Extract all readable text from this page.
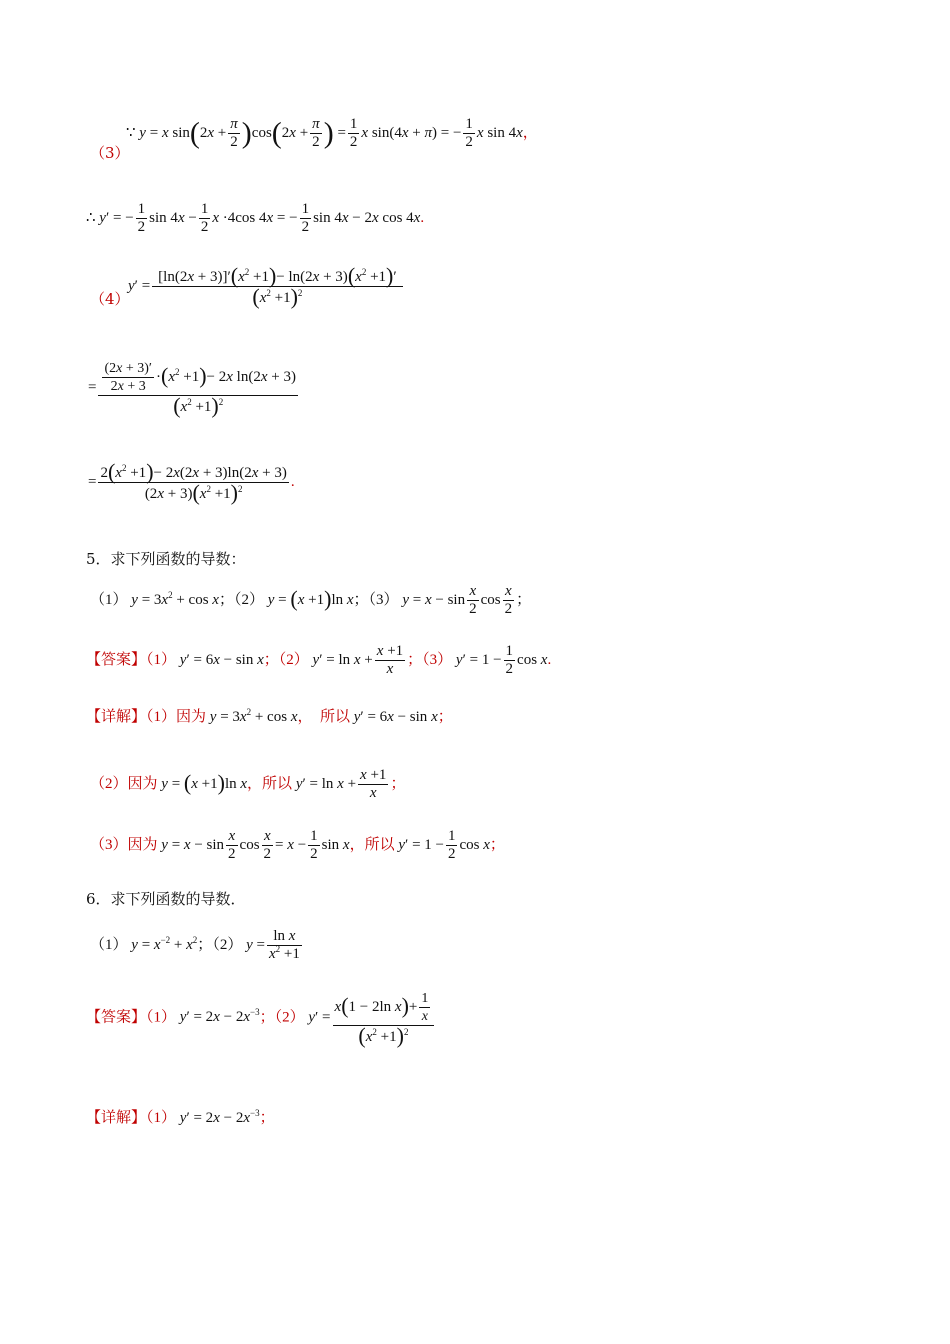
（3）
∵ y = x $\sin(2x + \frac{\pi}{2} )\cos(2x + \frac{\pi}{2}$ ) = $\frac{1}{2}$ x sin(4x + π) = − $\frac{1}{2}$ x sin 4x，
∴ y′ = − $\frac{1}{2}$ $\sin 4x - \frac{1}{2}$ x ·4cos 4x = − $\frac{1}{2}$ sin 4x − 2x cos 4x.
（4）
$y' = \frac{[\ln(2x + 3)]'(x^2 +1)- \ln(2x + 3)(x^2 +1)'}{(x^2 +1)^2}$
= $\frac{\frac{(2x + 3)'}{2x + 3} \cdot(x^2 +1)- 2x \ln(2x + 3)}{(x^2 +1)^2}$
= $\frac{2(x^2 +1)- 2x(2x + 3)\ln(2x + 3)}{(2x + 3)(x^2 +1)^2}$ .
5．求下列函数的导数：
（1） $y = 3x^2 + \cos x$；（2） y = (x +1)ln x；（3） $y = x - \sin \frac{x}{2}$ $\cos \frac{x}{2}$ ；
【答案】（1） y′ = 6x − sin x；（2） $y' = \ln x + \frac{x +1}{x}$ ；（3） $y' = 1 - \frac{1}{2}$ cos x.
【详解】（1）因为 $y = 3x^2 + \cos x$，  所以 y′ = 6x − sin x；
（2）因为 y = (x +1)ln x，所以 $y' = \ln x + \frac{x +1}{x}$ ；
（3）因为 $y = x - \sin \frac{x}{2}$ $\cos \frac{x}{2} = x - \frac{1}{2}$ sin x，所以 $y' = 1 - \frac{1}{2}$ cos x；
6．求下列函数的导数．
（1） $y = x^{-2} + x^2$；（2） $y = \frac{\text{ln x}}{x^2 +1}$
【答案】（1） $y' = 2x - 2x^{-3}$；（2） $y' = \frac{x(1 - 2\ln x)+ \frac{1}{x}}{(x^2 +1)^2}$
【详解】（1） $y' = 2x - 2x^{-3}$；
